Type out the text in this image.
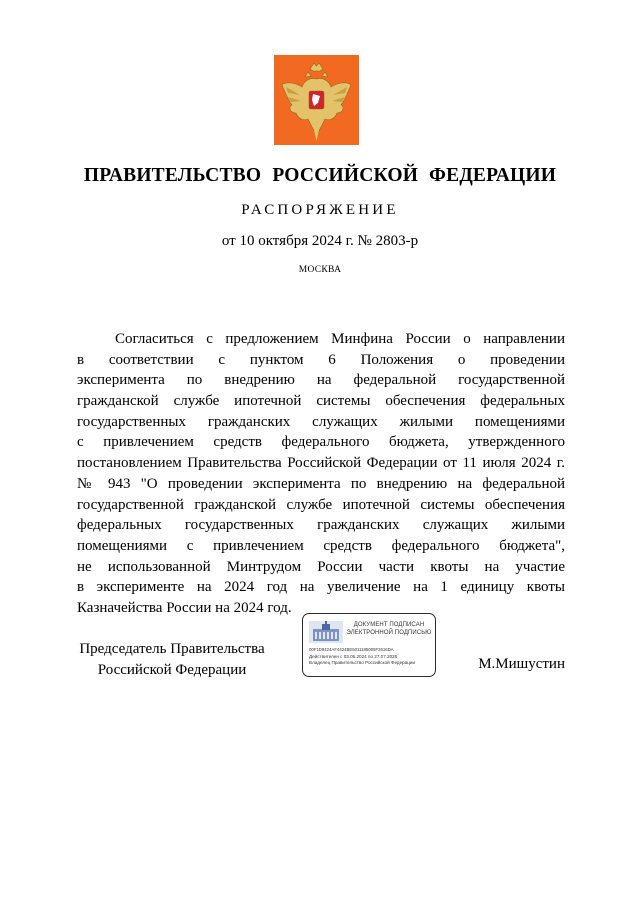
ПРАВИТЕЛЬСТВО РОССИЙСКОЙ ФЕДЕРАЦИИ
РАСПОРЯЖЕНИЕ
от 10 октября 2024 г. № 2803-р
МОСКВА
Согласиться с предложением Минфина России о направлении
в соответствии с пунктом 6 Положения о проведении
эксперимента по внедрению на федеральной государственной
гражданской службе ипотечной системы обеспечения федеральных
государственных гражданских служащих жилыми помещениями
с привлечением средств федерального бюджета, утвержденного
постановлением Правительства Российской Федерации от 11 июля 2024 г.
№ 943 "О проведении эксперимента по внедрению на федеральной
государственной гражданской службе ипотечной системы обеспечения
федеральных государственных гражданских служащих жилыми
помещениями с привлечением средств федерального бюджета",
не использованной Минтрудом России части квоты на участие
в эксперименте на 2024 год на увеличение на 1 единицу квоты
Казначейства России на 2024 год.
Председатель Правительства
Российской Федерации
ДОКУМЕНТ ПОДПИСАН
ЭЛЕКТРОННОЙ ПОДПИСЬЮ
00F1D9424AF4424BE5011185005F2616DA
Действителен с 03.05.2024 по 27.07.2025
Владелец Правительство Российской Федерации	М.Мишустин
